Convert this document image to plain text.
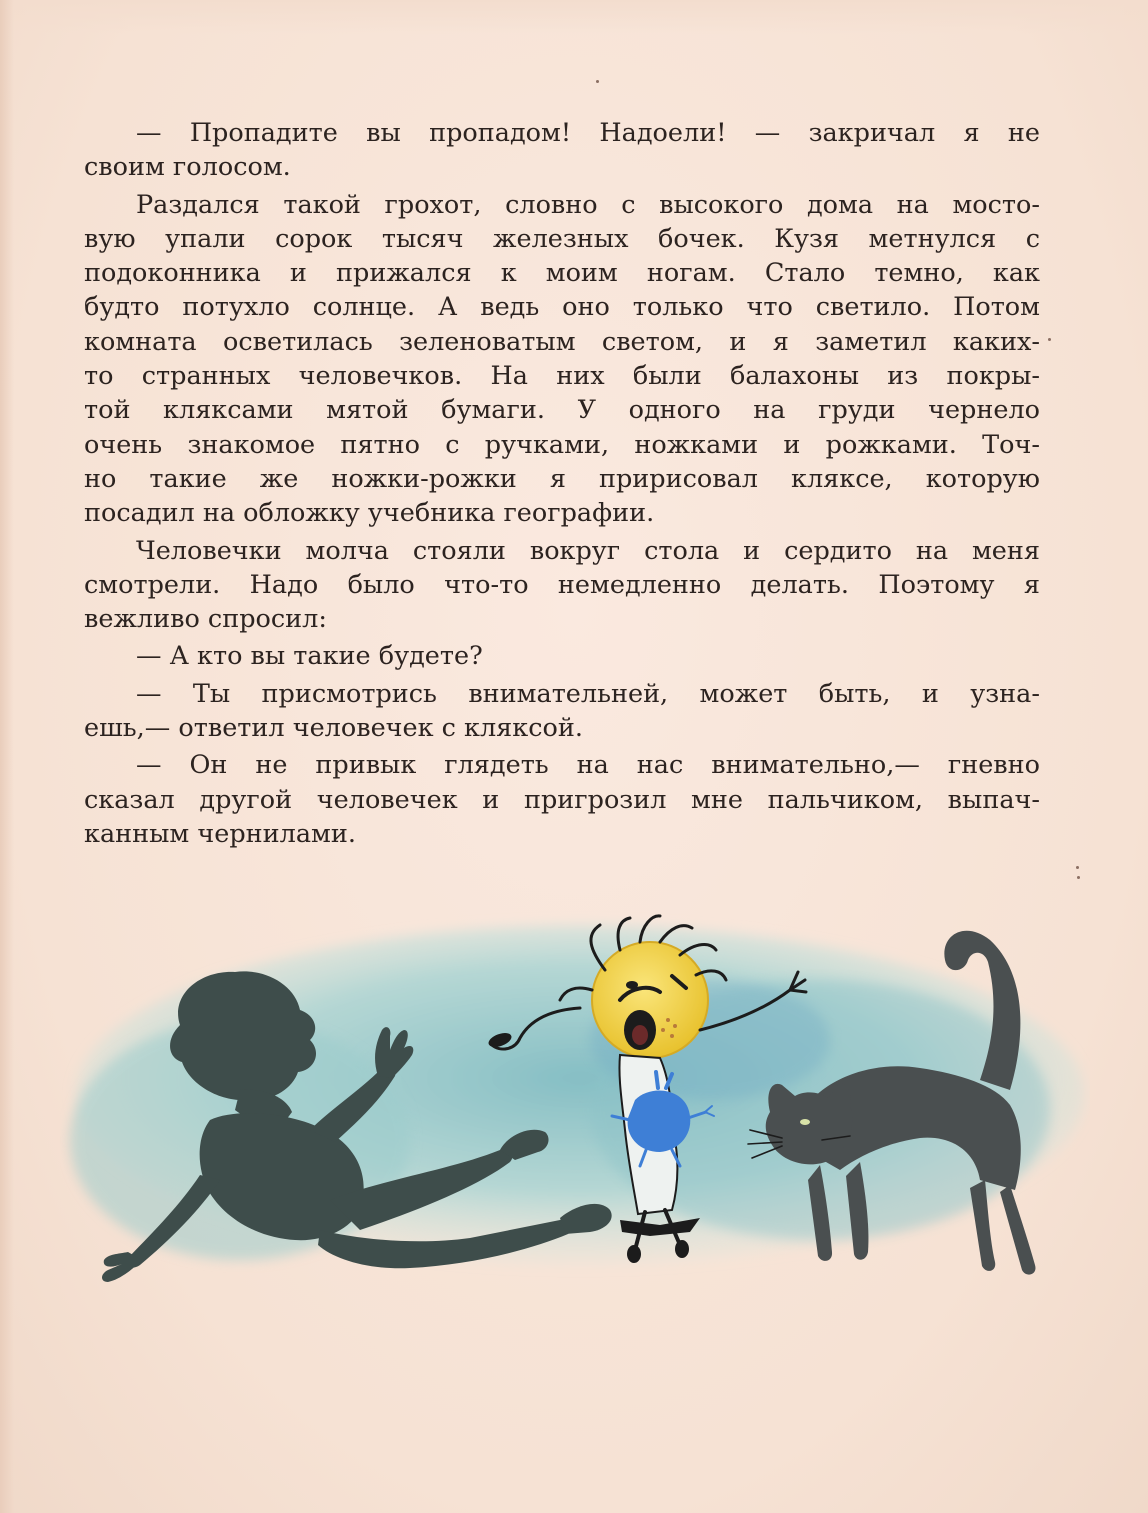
— Пропадите вы пропадом! Надоели! — закричал я не
своим голосом.

Раздался такой грохот, словно с высокого дома на мосто-
вую упали сорок тысяч железных бочек. Кузя метнулся с
подоконника и прижался к моим ногам. Стало темно, как
будто потухло солнце. А ведь оно только что светило. Потом
комната осветилась зеленоватым светом, и я заметил каких-
то странных человечков. На них были балахоны из покры-
той кляксами мятой бумаги. У одного на груди чернело
очень знакомое пятно с ручками, ножками и рожками. Точ-
но такие же ножки-рожки я пририсовал кляксе, которую
посадил на обложку учебника географии.

Человечки молча стояли вокруг стола и сердито на меня
смотрели. Надо было что-то немедленно делать. Поэтому я
вежливо спросил:

— А кто вы такие будете?

— Ты присмотрись внимательней, может быть, и узна-
ешь,— ответил человечек с кляксой.

— Он не привык глядеть на нас внимательно,— гневно
сказал другой человечек и пригрозил мне пальчиком, выпач-
канным чернилами.
